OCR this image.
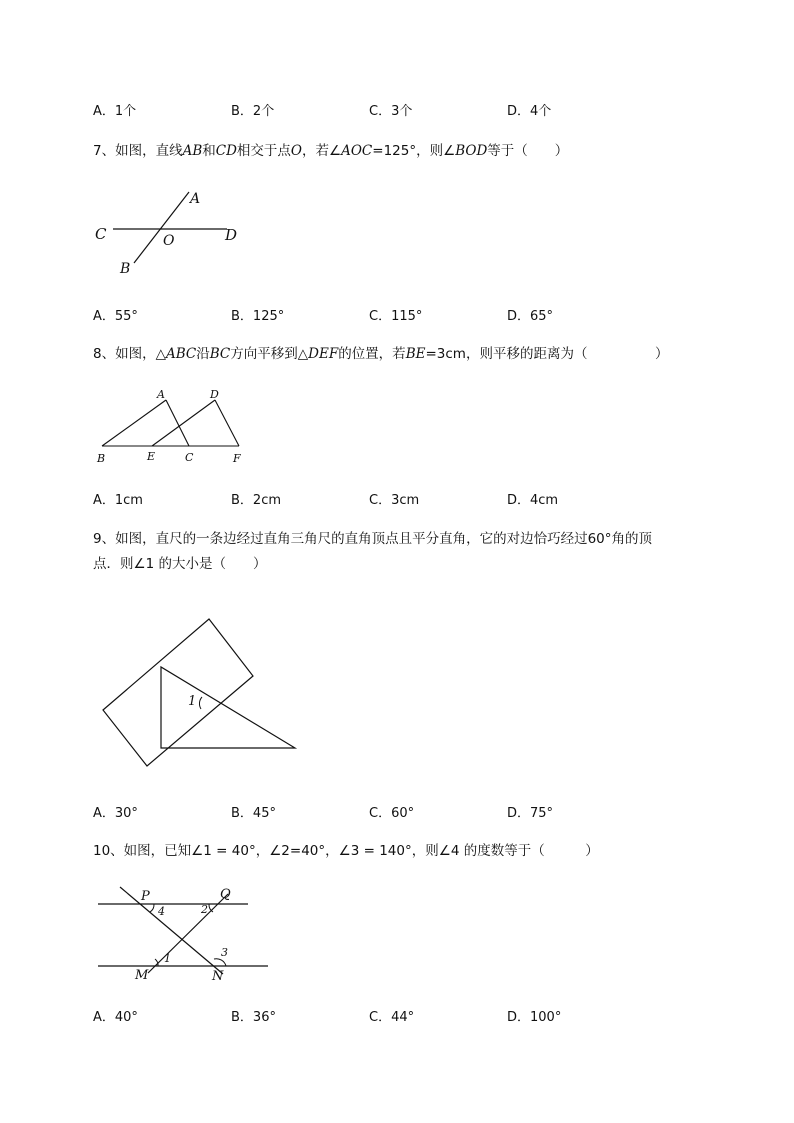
A．1个	B．2个	C．3个	D．4个
7、如图，直线AB和CD相交于点O，若∠AOC=125°，则∠BOD等于（　　）
A
C	D
O
B
A．55°	B．125°	C．115°	D．65°
8、如图，△ABC沿BC方向平移到△DEF的位置，若BE=3cm，则平移的距离为（　　　　　）
A	D
B	E	C	F
A．1cm	B．2cm	C．3cm	D．4cm
9、如图，直尺的一条边经过直角三角尺的直角顶点且平分直角，它的对边恰巧经过60°角的顶
点．则∠1 的大小是（　　）
1
A．30°	B．45°	C．60°	D．75°
10、如图，已知∠1 = 40°，∠2=40°，∠3 = 140°，则∠4 的度数等于（　　　）
P	Q
M	N
4	2
1	3
A．40°	B．36°	C．44°	D．100°
